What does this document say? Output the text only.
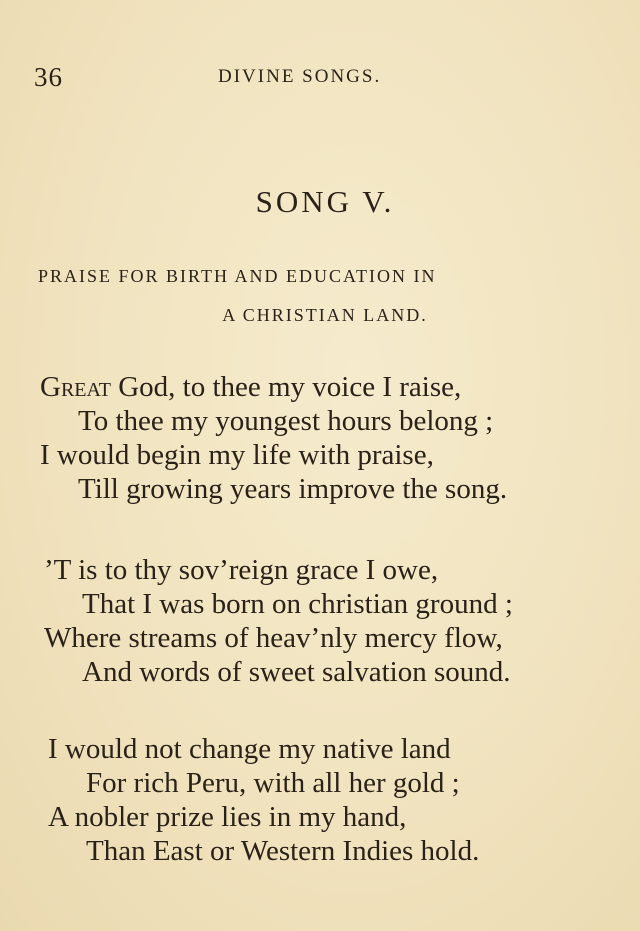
36	DIVINE SONGS.
SONG V.
PRAISE FOR BIRTH AND EDUCATION IN
A CHRISTIAN LAND.
Great God, to thee my voice I raise,
To thee my youngest hours belong ;
I would begin my life with praise,
Till growing years improve the song.
’T is to thy sov’reign grace I owe,
That I was born on christian ground ;
Where streams of heav’nly mercy flow,
And words of sweet salvation sound.
I would not change my native land
For rich Peru, with all her gold ;
A nobler prize lies in my hand,
Than East or Western Indies hold.
